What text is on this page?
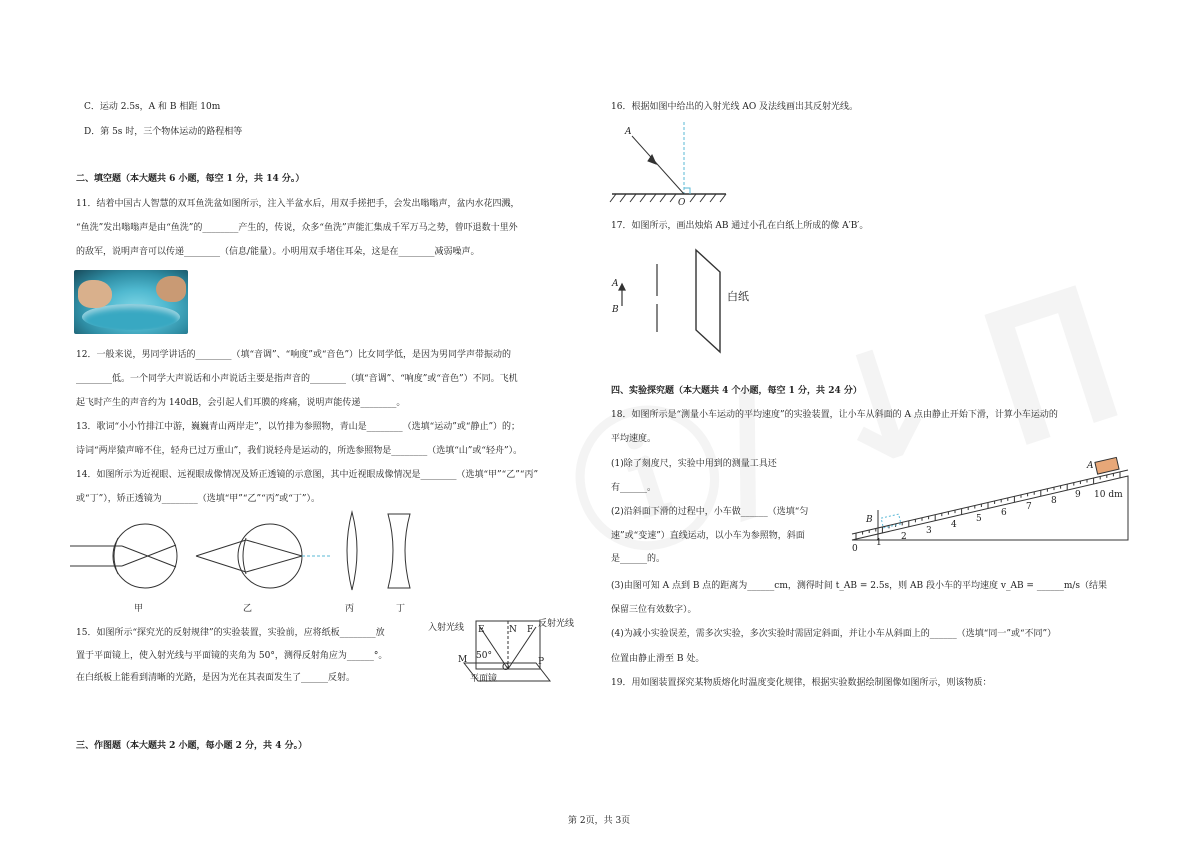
C．运动 2.5s，A 和 B 相距 10m
D．第 5s 时，三个物体运动的路程相等
二、填空题（本大题共 6 小题，每空 1 分，共 14 分。）
11．结着中国古人智慧的双耳鱼洗盆如图所示，注入半盆水后，用双手搓把手，会发出嗡嗡声，盆内水花四溅，
“鱼洗”发出嗡嗡声是由“鱼洗”的________产生的，传说，众多“鱼洗”声能汇集成千军万马之势，曾吓退数十里外
的敌军，说明声音可以传递________（信息/能量）。小明用双手堵住耳朵，这是在________减弱噪声。
12．一般来说，男同学讲话的________（填“音调”、“响度”或“音色”）比女同学低，是因为男同学声带振动的
________低。一个同学大声说话和小声说话主要是指声音的________（填“音调”、“响度”或“音色”）不同。飞机
起飞时产生的声音约为 140dB，会引起人们耳膜的疼痛，说明声能传递________。
13．歌词“小小竹排江中游，巍巍青山两岸走”，以竹排为参照物，青山是________（选填“运动”或“静止”）的；
诗词“两岸猿声啼不住，轻舟已过万重山”，我们说轻舟是运动的，所选参照物是________（选填“山”或“轻舟”）。
14．如图所示为近视眼、远视眼成像情况及矫正透镜的示意图，其中近视眼成像情况是________（选填“甲”“乙”“丙”
或“丁”），矫正透镜为________（选填“甲”“乙”“丙”或“丁”）。
甲	乙	丙	丁
15．如图所示“探究光的反射规律”的实验装置，实验前，应将纸板________放
置于平面镜上，使入射光线与平面镜的夹角为 50°，测得反射角应为______°。
在白纸板上能看到清晰的光路，是因为光在其表面发生了______反射。
入射光线	反射光线
E	N F
50°
M
O
P
平面镜
三、作图题（本大题共 2 小题，每小题 2 分，共 4 分。）
16．根据如图中给出的入射光线 AO 及法线画出其反射光线。
A
O
17．如图所示，画出烛焰 AB 通过小孔在白纸上所成的像 A′B′。
A
B
白纸
四、实验探究题（本大题共 4 个小题，每空 1 分，共 24 分）
18．如图所示是“测量小车运动的平均速度”的实验装置，让小车从斜面的 A 点由静止开始下滑，计算小车运动的
平均速度。
(1)除了刻度尺，实验中用到的测量工具还
有______。
(2)沿斜面下滑的过程中，小车做______（选填“匀
速”或“变速”）直线运动，以小车为参照物，斜面
是______的。
A
10 dm
B
0
1
2
3
4
5
6
7
8
9
(3)由图可知 A 点到 B 点的距离为______cm，测得时间 t_AB = 2.5s，则 AB 段小车的平均速度 v_AB = ______m/s（结果
保留三位有效数字）。
(4)为减小实验误差，需多次实验，多次实验时需固定斜面，并让小车从斜面上的______（选填“同一”或“不同”）
位置由静止滑至 B 处。
19．用如图装置探究某物质熔化时温度变化规律，根据实验数据绘制图像如图所示，则该物质：
第 2页，共 3页
